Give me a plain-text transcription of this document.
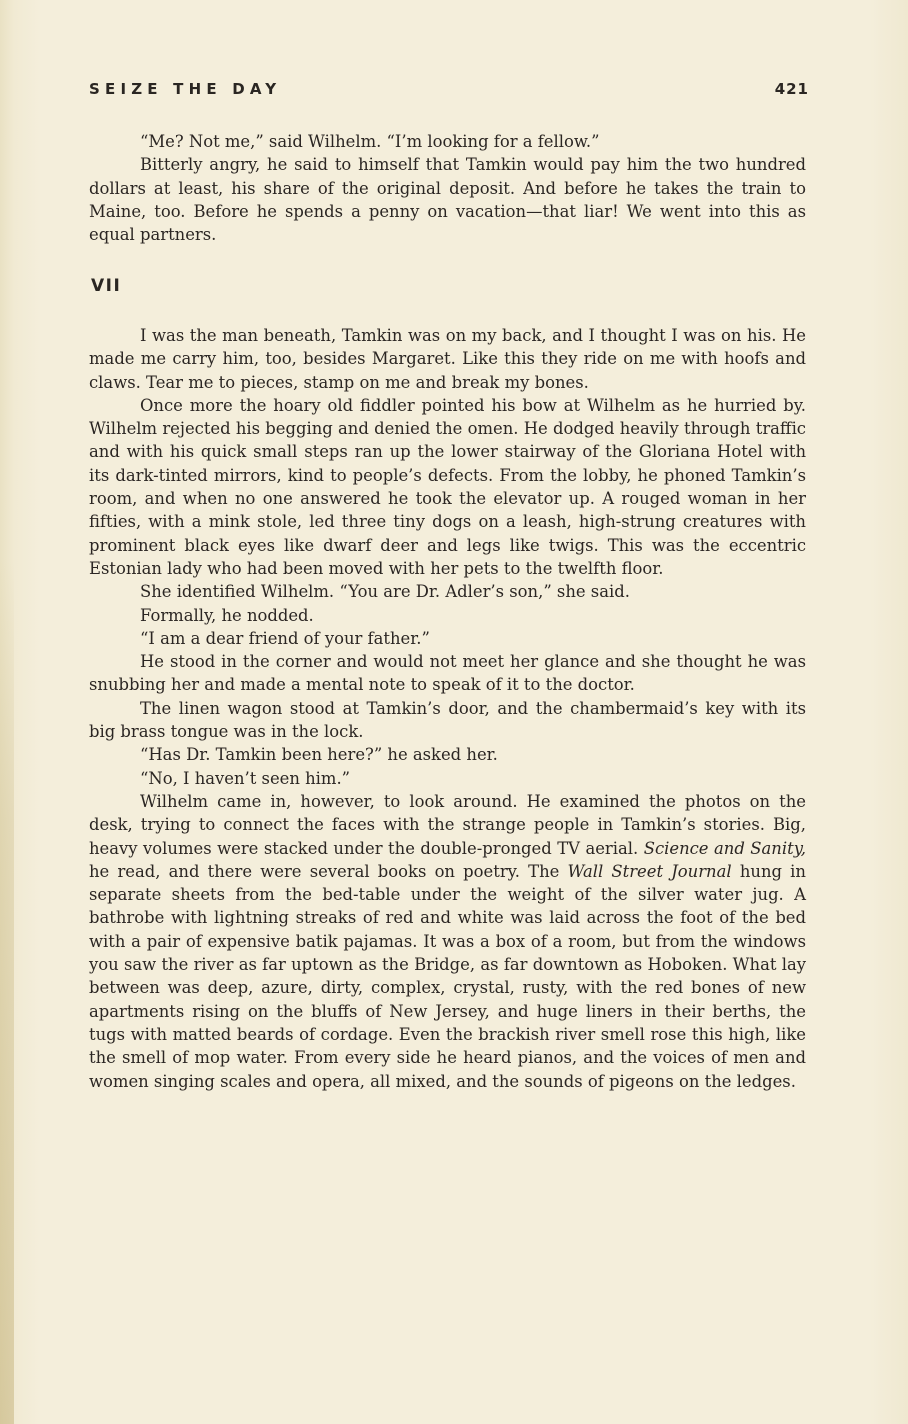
SEIZE THE DAY	421

“Me? Not me,” said Wilhelm. “I’m looking for a fellow.”

Bitterly angry, he said to himself that Tamkin would pay him the two hundred dollars at least, his share of the original deposit. And before he takes the train to Maine, too. Before he spends a penny on vacation—that liar! We went into this as equal partners.

VII

I was the man beneath, Tamkin was on my back, and I thought I was on his. He made me carry him, too, besides Margaret. Like this they ride on me with hoofs and claws. Tear me to pieces, stamp on me and break my bones.

Once more the hoary old fiddler pointed his bow at Wilhelm as he hurried by. Wilhelm rejected his begging and denied the omen. He dodged heavily through traffic and with his quick small steps ran up the lower stairway of the Gloriana Hotel with its dark-tinted mirrors, kind to people’s defects. From the lobby, he phoned Tamkin’s room, and when no one answered he took the elevator up. A rouged woman in her fifties, with a mink stole, led three tiny dogs on a leash, high-strung creatures with prominent black eyes like dwarf deer and legs like twigs. This was the eccentric Estonian lady who had been moved with her pets to the twelfth floor.

She identified Wilhelm. “You are Dr. Adler’s son,” she said.

Formally, he nodded.

“I am a dear friend of your father.”

He stood in the corner and would not meet her glance and she thought he was snubbing her and made a mental note to speak of it to the doctor.

The linen wagon stood at Tamkin’s door, and the chambermaid’s key with its big brass tongue was in the lock.

“Has Dr. Tamkin been here?” he asked her.

“No, I haven’t seen him.”

Wilhelm came in, however, to look around. He examined the photos on the desk, trying to connect the faces with the strange people in Tamkin’s stories. Big, heavy volumes were stacked under the double-pronged TV aerial. Science and Sanity, he read, and there were several books on poetry. The Wall Street Journal hung in separate sheets from the bed-table under the weight of the silver water jug. A bathrobe with lightning streaks of red and white was laid across the foot of the bed with a pair of expensive batik pajamas. It was a box of a room, but from the windows you saw the river as far uptown as the Bridge, as far downtown as Hoboken. What lay between was deep, azure, dirty, complex, crystal, rusty, with the red bones of new apartments rising on the bluffs of New Jersey, and huge liners in their berths, the tugs with matted beards of cordage. Even the brackish river smell rose this high, like the smell of mop water. From every side he heard pianos, and the voices of men and women singing scales and opera, all mixed, and the sounds of pigeons on the ledges.
